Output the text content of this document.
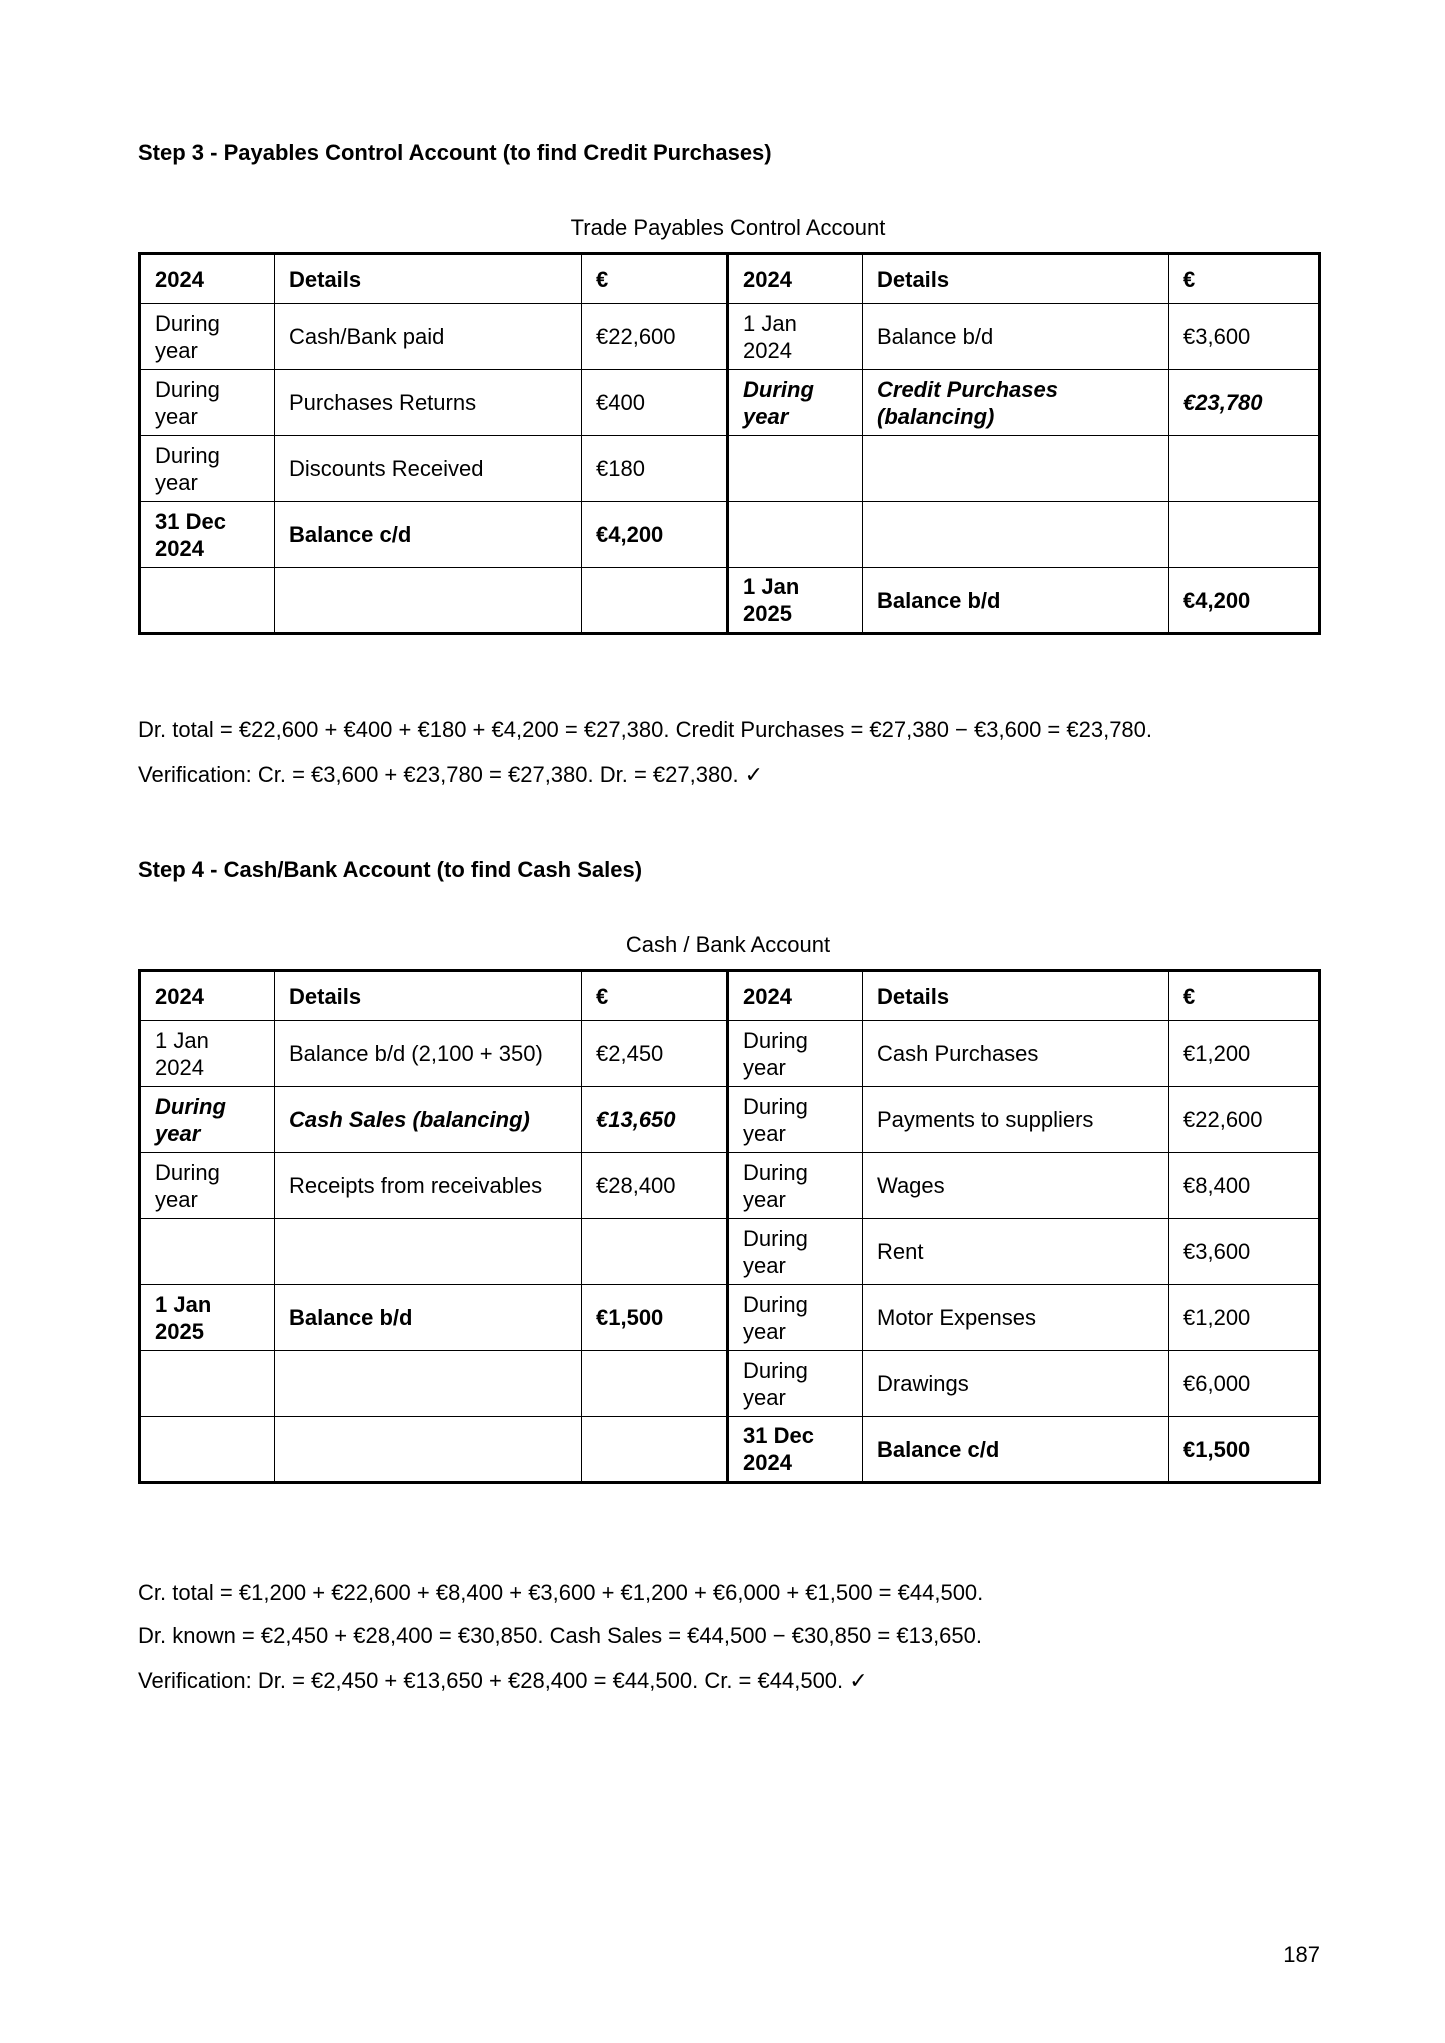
Step 3 - Payables Control Account (to find Credit Purchases)
Trade Payables Control Account
2024	Details	€	2024	Details	€
During year	Cash/Bank paid	€22,600	1 Jan 2024	Balance b/d	€3,600
During year	Purchases Returns	€400	During year	Credit Purchases (balancing)	€23,780
During year	Discounts Received	€180			
31 Dec 2024	Balance c/d	€4,200			
			1 Jan 2025	Balance b/d	€4,200

Dr. total = €22,600 + €400 + €180 + €4,200 = €27,380. Credit Purchases = €27,380 − €3,600 = €23,780.

Verification: Cr. = €3,600 + €23,780 = €27,380. Dr. = €27,380. ✓

Step 4 - Cash/Bank Account (to find Cash Sales)
Cash / Bank Account
2024	Details	€	2024	Details	€
1 Jan 2024	Balance b/d (2,100 + 350)	€2,450	During year	Cash Purchases	€1,200
During year	Cash Sales (balancing)	€13,650	During year	Payments to suppliers	€22,600
During year	Receipts from receivables	€28,400	During year	Wages	€8,400
			During year	Rent	€3,600
1 Jan 2025	Balance b/d	€1,500	During year	Motor Expenses	€1,200
			During year	Drawings	€6,000
			31 Dec 2024	Balance c/d	€1,500

Cr. total = €1,200 + €22,600 + €8,400 + €3,600 + €1,200 + €6,000 + €1,500 = €44,500.

Dr. known = €2,450 + €28,400 = €30,850. Cash Sales = €44,500 − €30,850 = €13,650.

Verification: Dr. = €2,450 + €13,650 + €28,400 = €44,500. Cr. = €44,500. ✓

187
